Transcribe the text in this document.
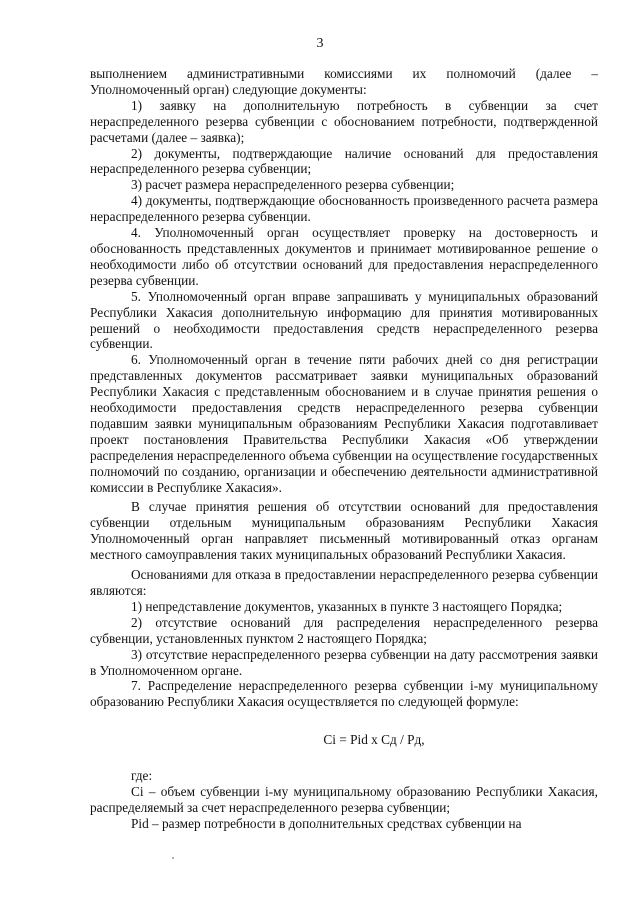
3

выполнением административными комиссиями их полномочий (далее – Уполномоченный орган) следующие документы:

1) заявку на дополнительную потребность в субвенции за счет нераспределенного резерва субвенции с обоснованием потребности, подтвержденной расчетами (далее – заявка);

2) документы, подтверждающие наличие оснований для предоставления нераспределенного резерва субвенции;

3) расчет размера нераспределенного резерва субвенции;

4) документы, подтверждающие обоснованность произведенного расчета размера нераспределенного резерва субвенции.

4. Уполномоченный орган осуществляет проверку на достоверность и обоснованность представленных документов и принимает мотивированное решение о необходимости либо об отсутствии оснований для предоставления нераспределенного резерва субвенции.

5. Уполномоченный орган вправе запрашивать у муниципальных образований Республики Хакасия дополнительную информацию для принятия мотивированных решений о необходимости предоставления средств нераспределенного резерва субвенции.

6. Уполномоченный орган в течение пяти рабочих дней со дня регистрации представленных документов рассматривает заявки муниципальных образований Республики Хакасия с представленным обоснованием и в случае принятия решения о необходимости предоставления средств нераспределенного резерва субвенции подавшим заявки муниципальным образованиям Республики Хакасия подготавливает проект постановления Правительства Республики Хакасия «Об утверждении распределения нераспределенного объема субвенции на осуществление государственных полномочий по созданию, организации и обеспечению деятельности административной комиссии в Республике Хакасия».

В случае принятия решения об отсутствии оснований для предоставления субвенции отдельным муниципальным образованиям Республики Хакасия Уполномоченный орган направляет письменный мотивированный отказ органам местного самоуправления таких муниципальных образований Республики Хакасия.

Основаниями для отказа в предоставлении нераспределенного резерва субвенции являются:

1) непредставление документов, указанных в пункте 3 настоящего Порядка;

2) отсутствие оснований для распределения нераспределенного резерва субвенции, установленных пунктом 2 настоящего Порядка;

3) отсутствие нераспределенного резерва субвенции на дату рассмотрения заявки в Уполномоченном органе.

7. Распределение нераспределенного резерва субвенции i-му муниципальному образованию Республики Хакасия осуществляется по следующей формуле:

Ci = Pid x Сд / Pд,

где:

Ci – объем субвенции i-му муниципальному образованию Республики Хакасия, распределяемый за счет нераспределенного резерва субвенции;

Pid – размер потребности в дополнительных средствах субвенции на
